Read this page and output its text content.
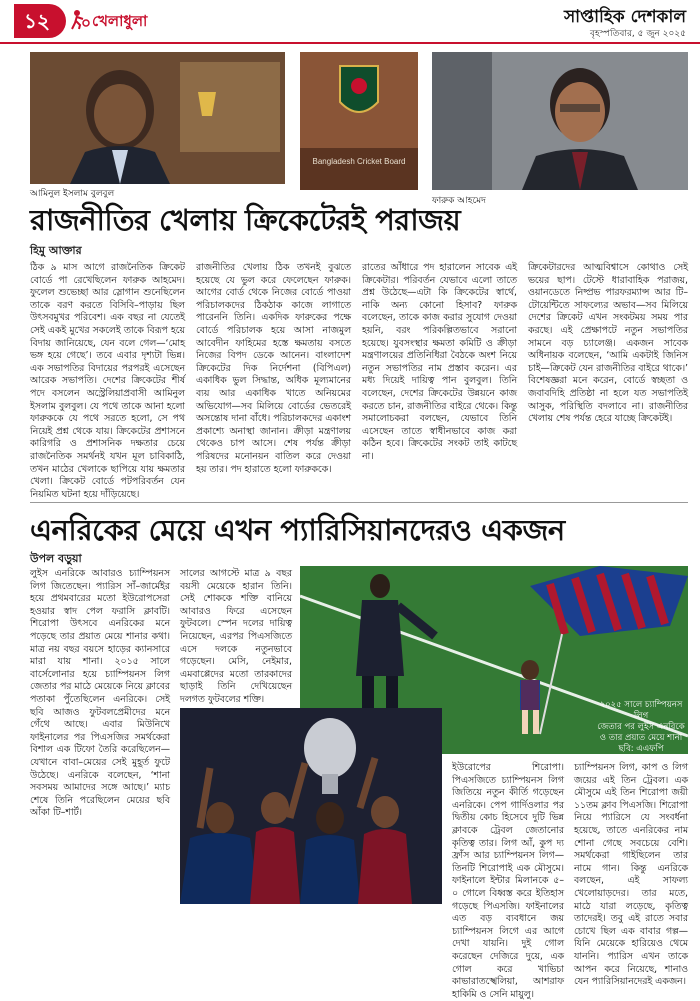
১২	খেলাধুলা	সাপ্তাহিক দেশকাল
বৃহস্পতিবার, ৫ জুন ২০২৫
Bangladesh Cricket Board
আমিনুল ইসলাম বুলবুল
ফারুক আহমেদ
রাজনীতির খেলায় ক্রিকেটেরই পরাজয়
হিমু আক্তার
ঠিক ৯ মাস আগে রাজনৈতিক ক্রিকেট বোর্ডে পা রেখেছিলেন ফারুক আহমেদ। ফুলেল শুভেচ্ছা আর স্লোগান শুনেছিলেন তাকে বরণ করতে বিসিবি–পাড়ায় ছিল উৎসবমুখর পরিবেশ। এক বছর না যেতেই সেই একই মুখের সকলেই তাকে বিরূপ হয়ে বিদায় জানিয়েছে, যেন বলে গেল—‘মোহ ভঙ্গ হয়ে গেছে’। তবে এবার দৃশ্যটা ভিন্ন। এক সভাপতির বিদায়ের পরপরই এসেছেন আরেক সভাপতি। দেশের ক্রিকেটের শীর্ষ পদে বসলেন অস্ট্রেলিয়াপ্রবাসী আমিনুল ইসলাম বুলবুল। যে পথে তাকে আনা হলো ফারুককে যে পথে সরতে হলো, সে পথ নিয়েই প্রশ্ন থেকে যায়। ক্রিকেটের প্রশাসনে কারিগরি ও প্রশাসনিক দক্ষতার চেয়ে রাজনৈতিক সমর্থনই যখন মূল চাবিকাঠি, তখন মাঠের খেলাকে ছাপিয়ে যায় ক্ষমতার খেলা। ক্রিকেট বোর্ডে পটপরিবর্তন যেন নিয়মিত ঘটনা হয়ে দাঁড়িয়েছে।
রাজনীতির খেলায় ঠিক তখনই বুঝতে হয়েছে যে ভুল করে ফেলেছেন ফারুক। আগের বোর্ড থেকে নিজের বোর্ডে পাওয়া পরিচালকদের ঠিকঠাক কাজে লাগাতে পারেননি তিনি। একদিক ফারুকের পক্ষে বোর্ডে পরিচালক হয়ে আসা নাজমুল আবেদীন ফাহিমের হস্তে ক্ষমতায় বসতে নিজের বিপদ ডেকে আনেন। বাংলাদেশ ক্রিকেটের দিক নির্দেশনা (বিপিএল) একাধিক ভুল সিদ্ধান্ত, অধিক মূল্যমানের ব্যয় আর একাধিক খাতে অনিয়মের অভিযোগ—সব মিলিয়ে বোর্ডের ভেতরেই অসন্তোষ দানা বাঁধে। পরিচালকদের একাংশ প্রকাশ্যে অনাস্থা জানান। ক্রীড়া মন্ত্রণালয় থেকেও চাপ আসে। শেষ পর্যন্ত ক্রীড়া পরিষদের মনোনয়ন বাতিল করে দেওয়া হয় তার। পদ হারাতে হলো ফারুককে।
রাতের আঁধারে পদ হারালেন সাবেক এই ক্রিকেটার। পরিবর্তন যেভাবে এলো তাতে প্রশ্ন উঠেছে—এটা কি ক্রিকেটের স্বার্থে, নাকি অন্য কোনো হিসাব? ফারুক বলেছেন, তাকে কাজ করার সুযোগ দেওয়া হয়নি, বরং পরিকল্পিতভাবে সরানো হয়েছে। যুবসংস্থার ক্ষমতা কমিটি ও ক্রীড়া মন্ত্রণালয়ের প্রতিনিধিরা বৈঠকে অংশ নিয়ে নতুন সভাপতির নাম প্রস্তাব করেন। এর মধ্য দিয়েই দায়িত্ব পান বুলবুল। তিনি বলেছেন, দেশের ক্রিকেটের উন্নয়নে কাজ করতে চান, রাজনীতির বাইরে থেকে। কিন্তু সমালোচকরা বলছেন, যেভাবে তিনি এসেছেন তাতে স্বাধীনভাবে কাজ করা কঠিন হবে। ক্রিকেটের সংকট তাই কাটছে না।
ক্রিকেটারদের আত্মবিশ্বাসে কোথাও সেই ভয়ের ছাপ। টেস্টে ধারাবাহিক পরাজয়, ওয়ানডেতে নিষ্প্রভ পারফরম্যান্স আর টি–টোয়েন্টিতে সাফল্যের অভাব—সব মিলিয়ে দেশের ক্রিকেট এখন সংকটময় সময় পার করছে। এই প্রেক্ষাপটে নতুন সভাপতির সামনে বড় চ্যালেঞ্জ। একজন সাবেক অধিনায়ক বলেছেন, ‘আমি একটাই জিনিস চাই—ক্রিকেট যেন রাজনীতির বাইরে থাকে।’ বিশেষজ্ঞরা মনে করেন, বোর্ডে স্বচ্ছতা ও জবাবদিহি প্রতিষ্ঠা না হলে যত সভাপতিই আসুক, পরিস্থিতি বদলাবে না। রাজনীতির খেলায় শেষ পর্যন্ত হেরে যাচ্ছে ক্রিকেটই।
এনরিকের মেয়ে এখন প্যারিসিয়ানদেরও একজন
উপল বড়ুয়া
লুইস এনরিকে আবারও চ্যাম্পিয়নস লিগ জিতেছেন। প্যারিস সাঁ–জার্মেইর হয়ে প্রথমবারের মতো ইউরোপসেরা হওয়ার স্বাদ পেল ফরাসি ক্লাবটি। শিরোপা উৎসবে এনরিকের মনে পড়েছে তার প্রয়াত মেয়ে শানার কথা। মাত্র নয় বছর বয়সে হাড়ের ক্যানসারে মারা যায় শানা। ২০১৫ সালে বার্সেলোনার হয়ে চ্যাম্পিয়নস লিগ জেতার পর মাঠে মেয়েকে নিয়ে ক্লাবের পতাকা পুঁতেছিলেন এনরিকে। সেই ছবি আজও ফুটবলপ্রেমীদের মনে গেঁথে আছে। এবার মিউনিখে ফাইনালের পর পিএসজির সমর্থকেরা বিশাল এক টিফো তৈরি করেছিলেন—যেখানে বাবা–মেয়ের সেই মুহূর্ত ফুটে উঠেছে। এনরিকে বলেছেন, ‘শানা সবসময় আমাদের সঙ্গে আছে।’ ম্যাচ শেষে তিনি পরেছিলেন মেয়ের ছবি আঁকা টি–শার্ট।
সালের আগস্টে মাত্র ৯ বছর বয়সী মেয়েকে হারান তিনি। সেই শোককে শক্তি বানিয়ে আবারও ফিরে এসেছেন ফুটবলে। স্পেন দলের দায়িত্ব নিয়েছেন, এরপর পিএসজিতে এসে দলকে নতুনভাবে গড়েছেন। মেসি, নেইমার, এমবাপ্পেদের মতো তারকাদের ছাড়াই তিনি দেখিয়েছেন দলগত ফুটবলের শক্তি।
২০২৫ সালে চ্যাম্পিয়নস লিগ
জেতার পর লুইস এনরিকে
ও তার প্রয়াত মেয়ে শানা
ছবি: এএফপি
ইউরোপের শিরোপা। পিএসজিতে চ্যাম্পিয়নস লিগ জিতিয়ে নতুন কীর্তি গড়েছেন এনরিকে। পেপ গার্দিওলার পর দ্বিতীয় কোচ হিসেবে দুটি ভিন্ন ক্লাবকে ট্রেবল জেতানোর কৃতিত্ব তার। লিগ আঁ, কুপ দ্য ফ্রাঁস আর চ্যাম্পিয়নস লিগ—তিনটি শিরোপাই এক মৌসুমে। ফাইনালে ইন্টার মিলানকে ৫–০ গোলে বিধ্বস্ত করে ইতিহাস গড়েছে পিএসজি। ফাইনালের এত বড় ব্যবধানে জয় চ্যাম্পিয়নস লিগে এর আগে দেখা যায়নি। দুই গোল করেছেন দেজিরে দুয়ে, এক গোল করে খাভিচা কাভারাতস্খেলিয়া, আশরাফ হাকিমি ও সেনি মায়ুলু।
চ্যাম্পিয়নস লিগ, কাপ ও লিগ জয়ের এই তিন ট্রেবল। এক মৌসুমে এই তিন শিরোপা জয়ী ১১তম ক্লাব পিএসজি। শিরোপা নিয়ে প্যারিসে যে সংবর্ধনা হয়েছে, তাতে এনরিকের নাম শোনা গেছে সবচেয়ে বেশি। সমর্থকেরা গাইছিলেন তার নামে গান। কিন্তু এনরিকে বলছেন, এই সাফল্য খেলোয়াড়দের। তার মতে, মাঠে যারা লড়েছে, কৃতিত্ব তাদেরই। তবু এই রাতে সবার চোখে ছিল এক বাবার গল্প—যিনি মেয়েকে হারিয়েও থেমে যাননি। প্যারিস এখন তাকে আপন করে নিয়েছে, শানাও যেন প্যারিসিয়ানদেরই একজন।
